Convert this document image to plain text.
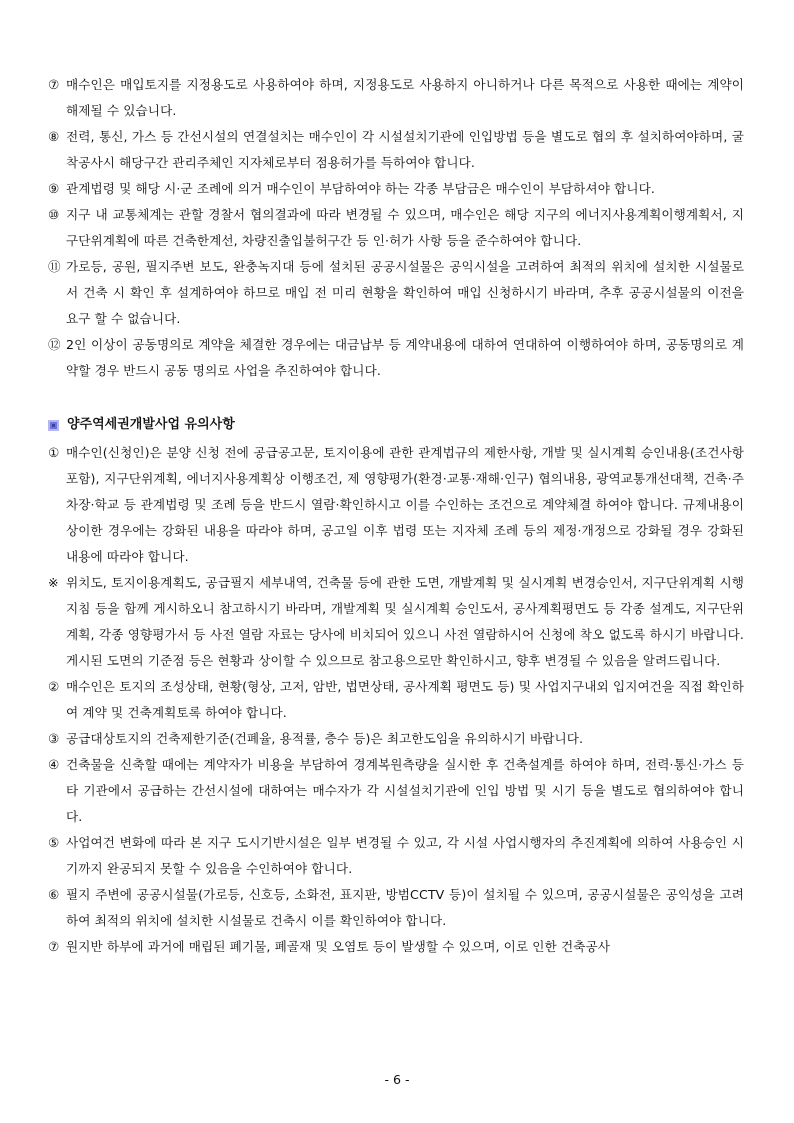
⑦ 매수인은 매입토지를 지정용도로 사용하여야 하며, 지정용도로 사용하지 아니하거나 다른 목적으로 사용한 때에는 계약이 해제될 수 있습니다.
⑧ 전력, 통신, 가스 등 간선시설의 연결설치는 매수인이 각 시설설치기관에 인입방법 등을 별도로 협의 후 설치하여야하며, 굴착공사시 해당구간 관리주체인 지자체로부터 점용허가를 득하여야 합니다.
⑨ 관계법령 및 해당 시·군 조례에 의거 매수인이 부담하여야 하는 각종 부담금은 매수인이 부담하셔야 합니다.
⑩ 지구 내 교통체계는 관할 경찰서 협의결과에 따라 변경될 수 있으며, 매수인은 해당 지구의 에너지사용계획이행계획서, 지구단위계획에 따른 건축한계선, 차량진출입불허구간 등 인·허가 사항 등을 준수하여야 합니다.
⑪ 가로등, 공원, 필지주변 보도, 완충녹지대 등에 설치된 공공시설물은 공익시설을 고려하여 최적의 위치에 설치한 시설물로서 건축 시 확인 후 설계하여야 하므로 매입 전 미리 현황을 확인하여 매입 신청하시기 바라며, 추후 공공시설물의 이전을 요구 할 수 없습니다.
⑫ 2인 이상이 공동명의로 계약을 체결한 경우에는 대금납부 등 계약내용에 대하여 연대하여 이행하여야 하며, 공동명의로 계약할 경우 반드시 공동 명의로 사업을 추진하여야 합니다.
양주역세권개발사업 유의사항
① 매수인(신청인)은 분양 신청 전에 공급공고문, 토지이용에 관한 관계법규의 제한사항, 개발 및 실시계획 승인내용(조건사항 포함), 지구단위계획, 에너지사용계획상 이행조건, 제 영향평가(환경·교통·재해·인구) 협의내용, 광역교통개선대책, 건축·주차장·학교 등 관계법령 및 조례 등을 반드시 열람·확인하시고 이를 수인하는 조건으로 계약체결 하여야 합니다. 규제내용이 상이한 경우에는 강화된 내용을 따라야 하며, 공고일 이후 법령 또는 지자체 조례 등의 제정·개정으로 강화될 경우 강화된 내용에 따라야 합니다.
※ 위치도, 토지이용계획도, 공급필지 세부내역, 건축물 등에 관한 도면, 개발계획 및 실시계획 변경승인서, 지구단위계획 시행지침 등을 함께 게시하오니 참고하시기 바라며, 개발계획 및 실시계획 승인도서, 공사계획평면도 등 각종 설계도, 지구단위계획, 각종 영향평가서 등 사전 열람 자료는 당사에 비치되어 있으니 사전 열람하시어 신청에 착오 없도록 하시기 바랍니다. 게시된 도면의 기준점 등은 현황과 상이할 수 있으므로 참고용으로만 확인하시고, 향후 변경될 수 있음을 알려드립니다.
② 매수인은 토지의 조성상태, 현황(형상, 고저, 암반, 법면상태, 공사계획 평면도 등) 및 사업지구내외 입지여건을 직접 확인하여 계약 및 건축계획토록 하여야 합니다.
③ 공급대상토지의 건축제한기준(건폐율, 용적률, 층수 등)은 최고한도임을 유의하시기 바랍니다.
④ 건축물을 신축할 때에는 계약자가 비용을 부담하여 경계복원측량을 실시한 후 건축설계를 하여야 하며, 전력·통신·가스 등 타 기관에서 공급하는 간선시설에 대하여는 매수자가 각 시설설치기관에 인입 방법 및 시기 등을 별도로 협의하여야 합니다.
⑤ 사업여건 변화에 따라 본 지구 도시기반시설은 일부 변경될 수 있고, 각 시설 사업시행자의 추진계획에 의하여 사용승인 시기까지 완공되지 못할 수 있음을 수인하여야 합니다.
⑥ 필지 주변에 공공시설물(가로등, 신호등, 소화전, 표지판, 방범CCTV 등)이 설치될 수 있으며, 공공시설물은 공익성을 고려하여 최적의 위치에 설치한 시설물로 건축시 이를 확인하여야 합니다.
⑦ 원지반 하부에 과거에 매립된 폐기물, 폐골재 및 오염토 등이 발생할 수 있으며, 이로 인한 건축공사
- 6 -
